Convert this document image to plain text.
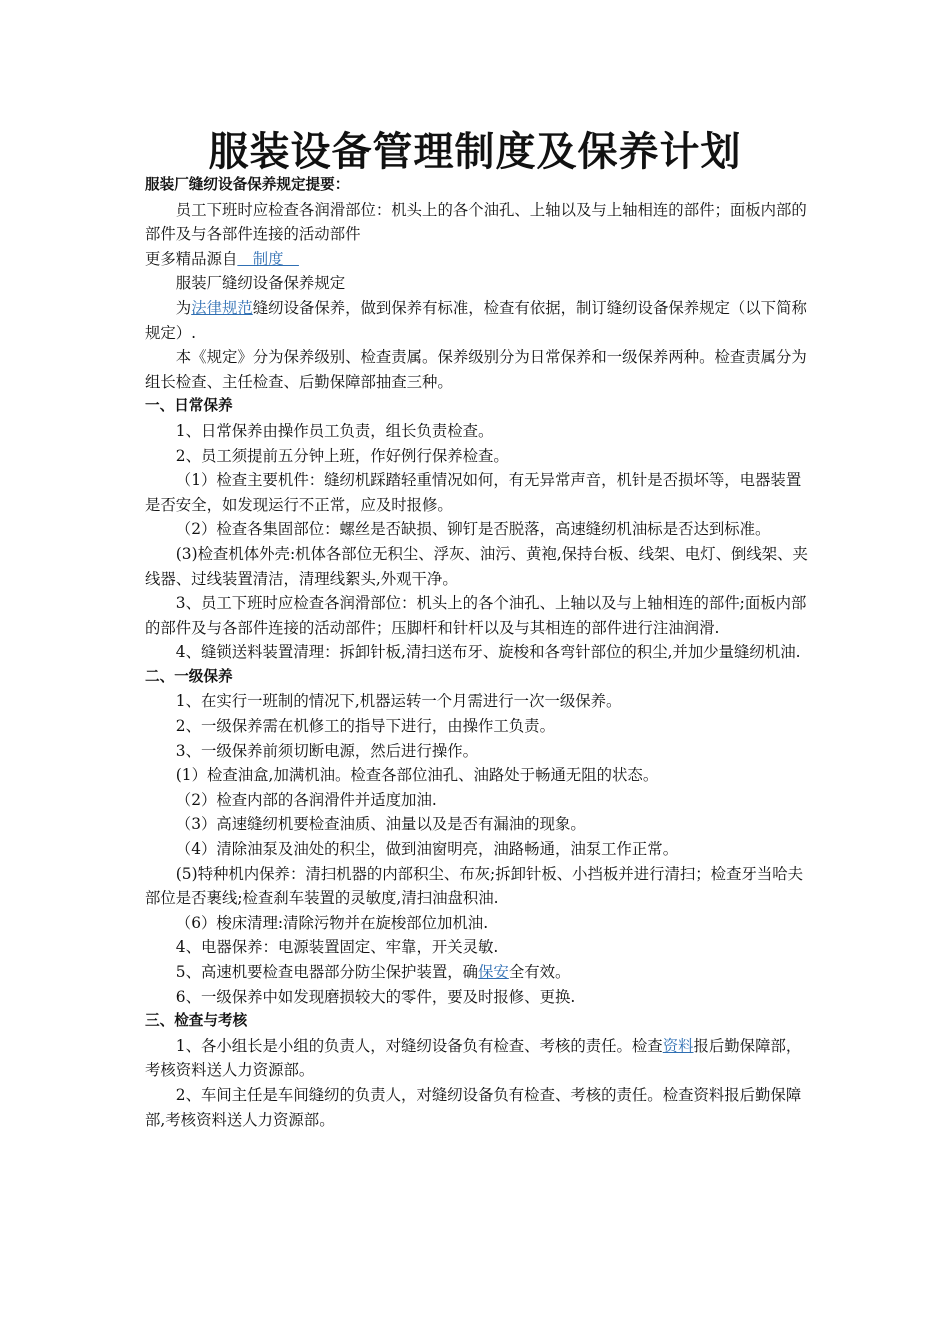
服装设备管理制度及保养计划

服装厂缝纫设备保养规定提要：

员工下班时应检查各润滑部位：机头上的各个油孔、上轴以及与上轴相连的部件；面板内部的部件及与各部件连接的活动部件

更多精品源自　制度　

服装厂缝纫设备保养规定

为法律规范缝纫设备保养，做到保养有标准，检查有依据，制订缝纫设备保养规定（以下简称规定）.

本《规定》分为保养级别、检查责属。保养级别分为日常保养和一级保养两种。检查责属分为组长检查、主任检查、后勤保障部抽查三种。

一、日常保养

1、日常保养由操作员工负责，组长负责检查。

2、员工须提前五分钟上班，作好例行保养检查。

（1）检查主要机件：缝纫机踩踏轻重情况如何，有无异常声音，机针是否损坏等，电器装置是否安全，如发现运行不正常，应及时报修。

（2）检查各集固部位：螺丝是否缺损、铆钉是否脱落，高速缝纫机油标是否达到标准。

(3)检查机体外壳:机体各部位无积尘、浮灰、油污、黄袍,保持台板、线架、电灯、倒线架、夹线器、过线装置清洁，清理线絮头,外观干净。

3、员工下班时应检查各润滑部位：机头上的各个油孔、上轴以及与上轴相连的部件;面板内部的部件及与各部件连接的活动部件；压脚杆和针杆以及与其相连的部件进行注油润滑.

4、缝锁送料装置清理：拆卸针板,清扫送布牙、旋梭和各弯针部位的积尘,并加少量缝纫机油.

二、一级保养

1、在实行一班制的情况下,机器运转一个月需进行一次一级保养。

2、一级保养需在机修工的指导下进行，由操作工负责。

3、一级保养前须切断电源，然后进行操作。

(1）检查油盒,加满机油。检查各部位油孔、油路处于畅通无阻的状态。

（2）检查内部的各润滑件并适度加油.

（3）高速缝纫机要检查油质、油量以及是否有漏油的现象。

（4）清除油泵及油处的积尘，做到油窗明亮，油路畅通，油泵工作正常。

(5)特种机内保养：清扫机器的内部积尘、布灰;拆卸针板、小挡板并进行清扫；检查牙当哈夫部位是否裹线;检查刹车装置的灵敏度,清扫油盘积油.

（6）梭床清理:清除污物并在旋梭部位加机油.

4、电器保养：电源装置固定、牢靠，开关灵敏.

5、高速机要检查电器部分防尘保护装置，确保安全有效。

6、一级保养中如发现磨损较大的零件，要及时报修、更换.

三、检查与考核

1、各小组长是小组的负责人，对缝纫设备负有检查、考核的责任。检查资料报后勤保障部，考核资料送人力资源部。

2、车间主任是车间缝纫的负责人，对缝纫设备负有检查、考核的责任。检查资料报后勤保障部,考核资料送人力资源部。
